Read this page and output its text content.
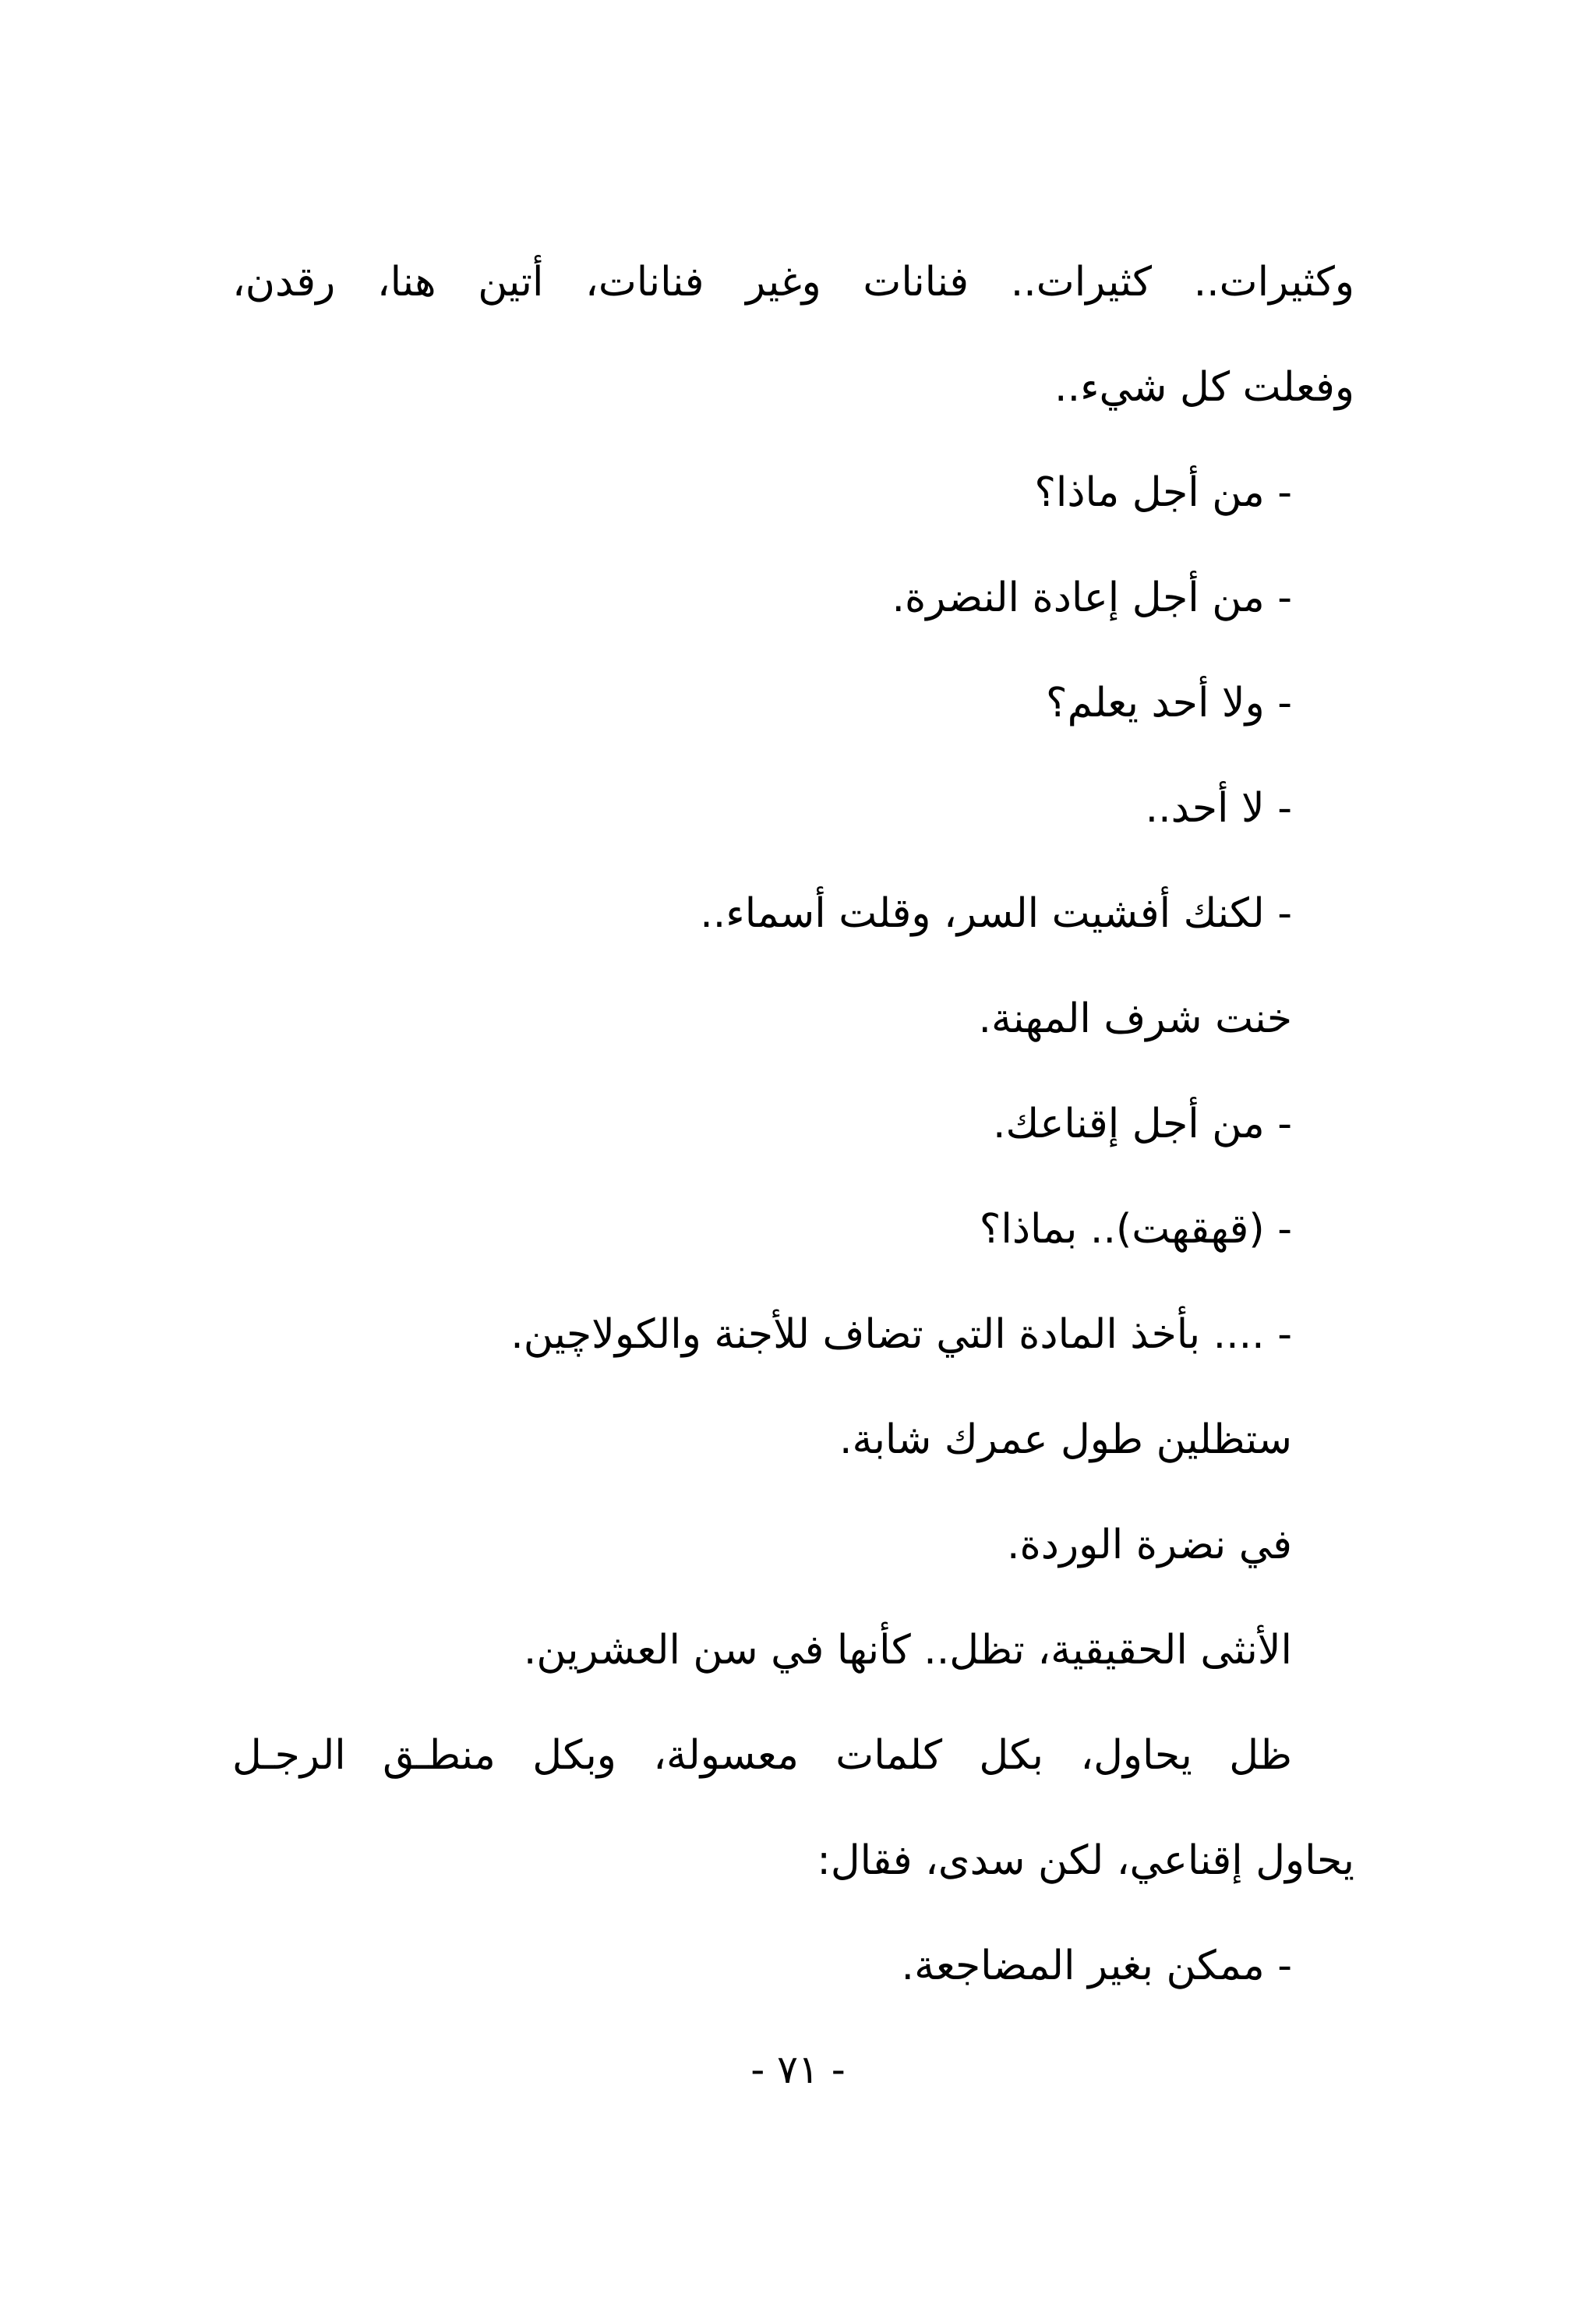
وكثيرات.. كثيرات.. فنانات وغير فنانات، أتين هنا، رقدن،
وفعلت كل شيء..
- من أجل ماذا؟
- من أجل إعادة النضرة.
- ولا أحد يعلم؟
- لا أحد..
- لكنك أفشيت السر، وقلت أسماء..
خنت شرف المهنة.
- من أجل إقناعك.
- (قهقهت).. بماذا؟
- .... بأخذ المادة التي تضاف للأجنة والكولاچين.
ستظلين طول عمرك شابة.
في نضرة الوردة.
الأنثى الحقيقية، تظل.. كأنها في سن العشرين.
ظل يحاول، بكل كلمات معسولة، وبكل منطـق الرجـل
يحاول إقناعي، لكن سدى، فقال:
- ممكن بغير المضاجعة.
- ٧١ -
